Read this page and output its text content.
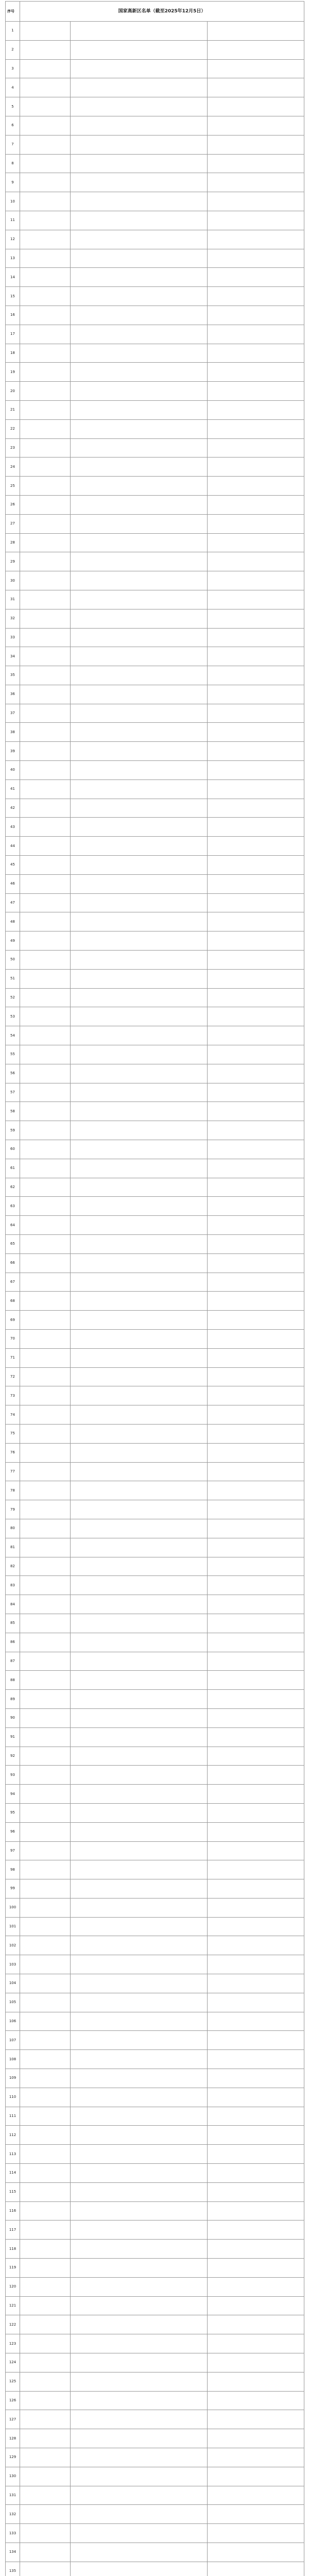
序号	国家高新区名单（截至2025年12月5日）		
1			
2			
3			
4			
5			
6			
7			
8			
9			
10			
11			
12			
13			
14			
15			
16			
17			
18			
19			
20			
21			
22			
23			
24			
25			
26			
27			
28			
29			
30			
31			
32			
33			
34			
35			
36			
37			
38			
39			
40			
41			
42			
43			
44			
45			
46			
47			
48			
49			
50			
51			
52			
53			
54			
55			
56			
57			
58			
59			
60			
61			
62			
63			
64			
65			
66			
67			
68			
69			
70			
71			
72			
73			
74			
75			
76			
77			
78			
79			
80			
81			
82			
83			
84			
85			
86			
87			
88			
89			
90			
91			
92			
93			
94			
95			
96			
97			
98			
99			
100			
101			
102			
103			
104			
105			
106			
107			
108			
109			
110			
111			
112			
113			
114			
115			
116			
117			
118			
119			
120			
121			
122			
123			
124			
125			
126			
127			
128			
129			
130			
131			
132			
133			
134			
135			
